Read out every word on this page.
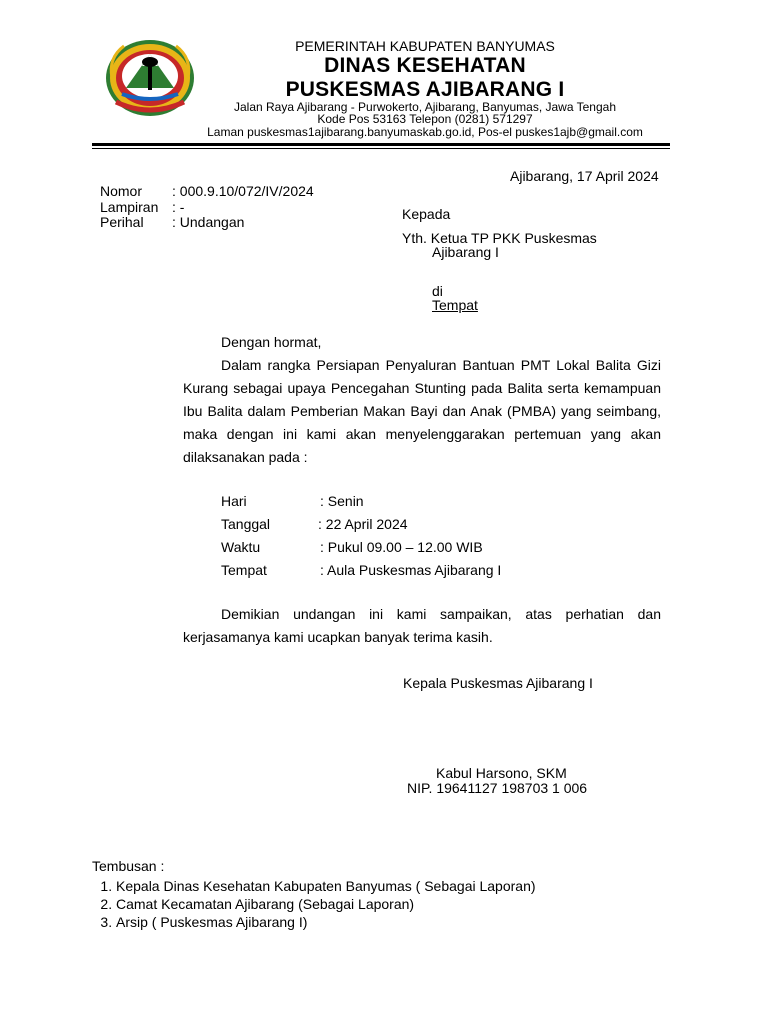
PEMERINTAH KABUPATEN BANYUMAS
DINAS KESEHATAN
PUSKESMAS AJIBARANG I
Jalan Raya Ajibarang - Purwokerto, Ajibarang, Banyumas, Jawa Tengah
Kode Pos 53163 Telepon (0281) 571297
Laman puskesmas1ajibarang.banyumaskab.go.id, Pos-el puskes1ajb@gmail.com
Ajibarang, 17 April 2024
Nomor : 000.9.10/072/IV/2024
Lampiran : -
Perihal : Undangan	Kepada
Yth. Ketua TP PKK Puskesmas
Ajibarang I
di
Tempat
Dengan hormat,
Dalam rangka Persiapan Penyaluran Bantuan PMT Lokal Balita Gizi Kurang sebagai upaya Pencegahan Stunting pada Balita serta kemampuan Ibu Balita dalam Pemberian Makan Bayi dan Anak (PMBA) yang seimbang, maka dengan ini kami akan menyelenggarakan pertemuan yang akan dilaksanakan pada :
Hari	: Senin
Tanggal	: 22 April 2024
Waktu	: Pukul 09.00 – 12.00 WIB
Tempat	: Aula Puskesmas Ajibarang I
Demikian undangan ini kami sampaikan, atas perhatian dan kerjasamanya kami ucapkan banyak terima kasih.
Kepala Puskesmas Ajibarang I
Kabul Harsono, SKM
NIP. 19641127 198703 1 006
Tembusan :
1. Kepala Dinas Kesehatan Kabupaten Banyumas ( Sebagai Laporan)
2. Camat Kecamatan Ajibarang (Sebagai Laporan)
3. Arsip ( Puskesmas Ajibarang I)
